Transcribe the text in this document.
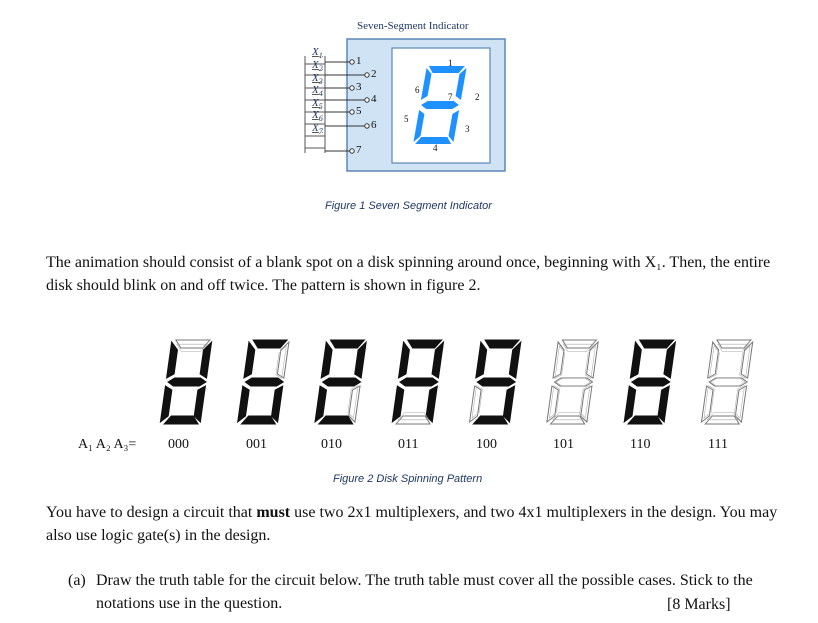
Seven-Segment Indicator
$X_1$
$X_2$
$X_3$
$X_4$
$X_5$
$X_6$
$X_7$
1
2
3
4
5
6
7
1
2
3
4
5
6
7
Figure 1 Seven Segment Indicator
The animation should consist of a blank spot on a disk spinning around once, beginning with X₁. Then, the entire disk should blink on and off twice. The pattern is shown in figure 2.
A₁ A₂ A₃= 000	001	010	011	100	101	110	111
Figure 2 Disk Spinning Pattern
You have to design a circuit that must use two 2x1 multiplexers, and two 4x1 multiplexers in the design. You may also use logic gate(s) in the design.
(a) Draw the truth table for the circuit below. The truth table must cover all the possible cases. Stick to the notations use in the question.	[8 Marks]
